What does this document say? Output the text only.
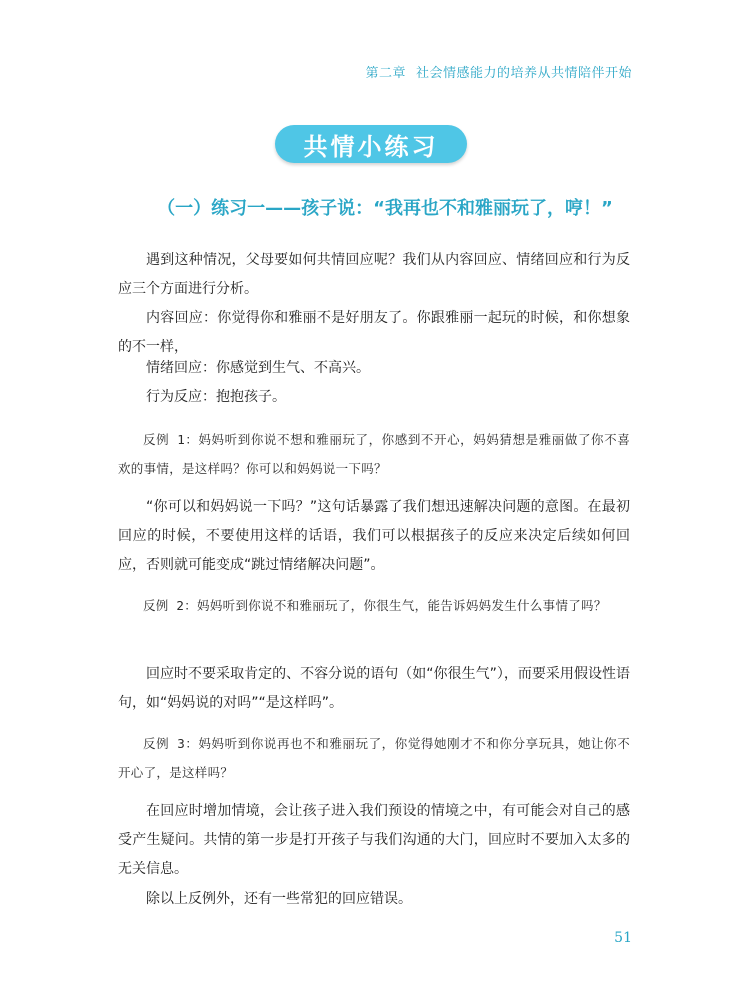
第二章 社会情感能力的培养从共情陪伴开始
共情小练习
（一）练习一——孩子说：“我再也不和雅丽玩了，哼！”

遇到这种情况，父母要如何共情回应呢？我们从内容回应、情绪回应和行为反应三个方面进行分析。

内容回应：你觉得你和雅丽不是好朋友了。你跟雅丽一起玩的时候，和你想象的不一样，

情绪回应：你感觉到生气、不高兴。

行为反应：抱抱孩子。

反例 1：妈妈听到你说不想和雅丽玩了，你感到不开心，妈妈猜想是雅丽做了你不喜欢的事情，是这样吗？你可以和妈妈说一下吗？

“你可以和妈妈说一下吗？”这句话暴露了我们想迅速解决问题的意图。在最初回应的时候，不要使用这样的话语，我们可以根据孩子的反应来决定后续如何回应，否则就可能变成“跳过情绪解决问题”。

反例 2：妈妈听到你说不和雅丽玩了，你很生气，能告诉妈妈发生什么事情了吗？

回应时不要采取肯定的、不容分说的语句（如“你很生气”），而要采用假设性语句，如“妈妈说的对吗”“是这样吗”。

反例 3：妈妈听到你说再也不和雅丽玩了，你觉得她刚才不和你分享玩具，她让你不开心了，是这样吗？

在回应时增加情境，会让孩子进入我们预设的情境之中，有可能会对自己的感受产生疑问。共情的第一步是打开孩子与我们沟通的大门，回应时不要加入太多的无关信息。

除以上反例外，还有一些常犯的回应错误。

51
